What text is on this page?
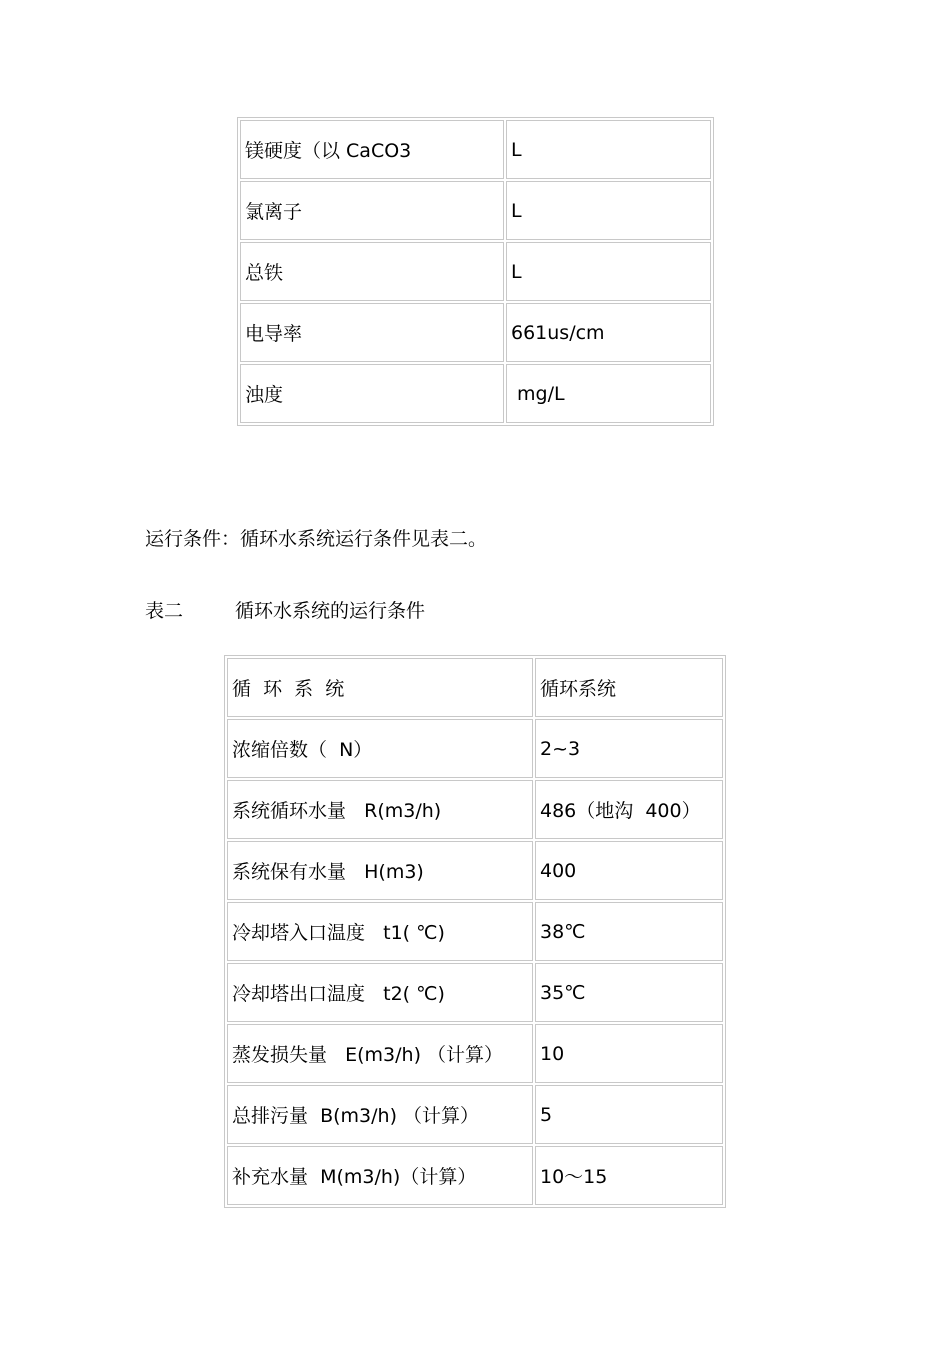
镁硬度（以 CaCO3	L
氯离子	L
总铁	L
电导率	661us/cm
浊度	mg/L
运行条件：循环水系统运行条件见表二。
表二	循环水系统的运行条件
循  环  系  统	循环系统
浓缩倍数（  N）	2~3
系统循环水量   R(m3/h)	486（地沟  400）
系统保有水量   H(m3)	400
冷却塔入口温度   t1( ℃)	38℃
冷却塔出口温度   t2( ℃)	35℃
蒸发损失量   E(m3/h) （计算）	10
总排污量  B(m3/h) （计算）	5
补充水量  M(m3/h)（计算）	10～15
